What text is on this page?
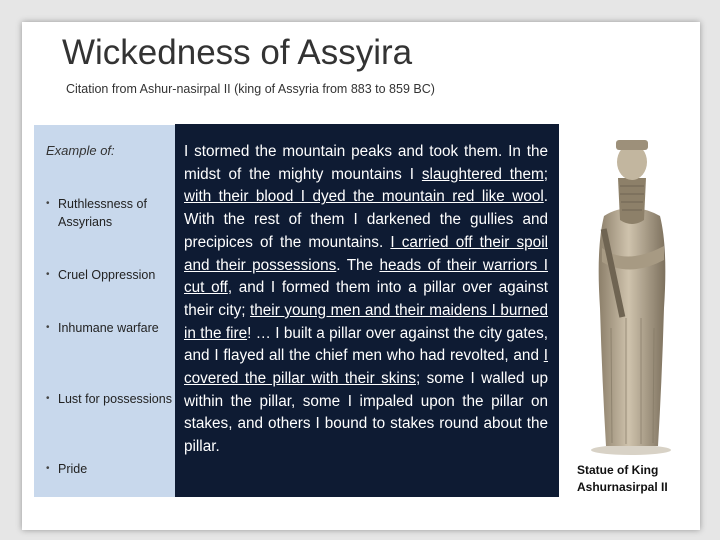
Wickedness of Assyira
Citation from Ashur-nasirpal II (king of Assyria from 883 to 859 BC)
Example of:
• Ruthlessness of Assyrians
• Cruel Oppression
• Inhumane warfare
• Lust for possessions
• Pride
I stormed the mountain peaks and took them. In the midst of the mighty mountains I slaughtered them; with their blood I dyed the mountain red like wool. With the rest of them I darkened the gullies and precipices of the mountains. I carried off their spoil and their possessions. The heads of their warriors I cut off, and I formed them into a pillar over against their city; their young men and their maidens I burned in the fire! … I built a pillar over against the city gates, and I flayed all the chief men who had revolted, and I covered the pillar with their skins; some I walled up within the pillar, some I impaled upon the pillar on stakes, and others I bound to stakes round about the pillar.
Statue of King
Ashurnasirpal II
